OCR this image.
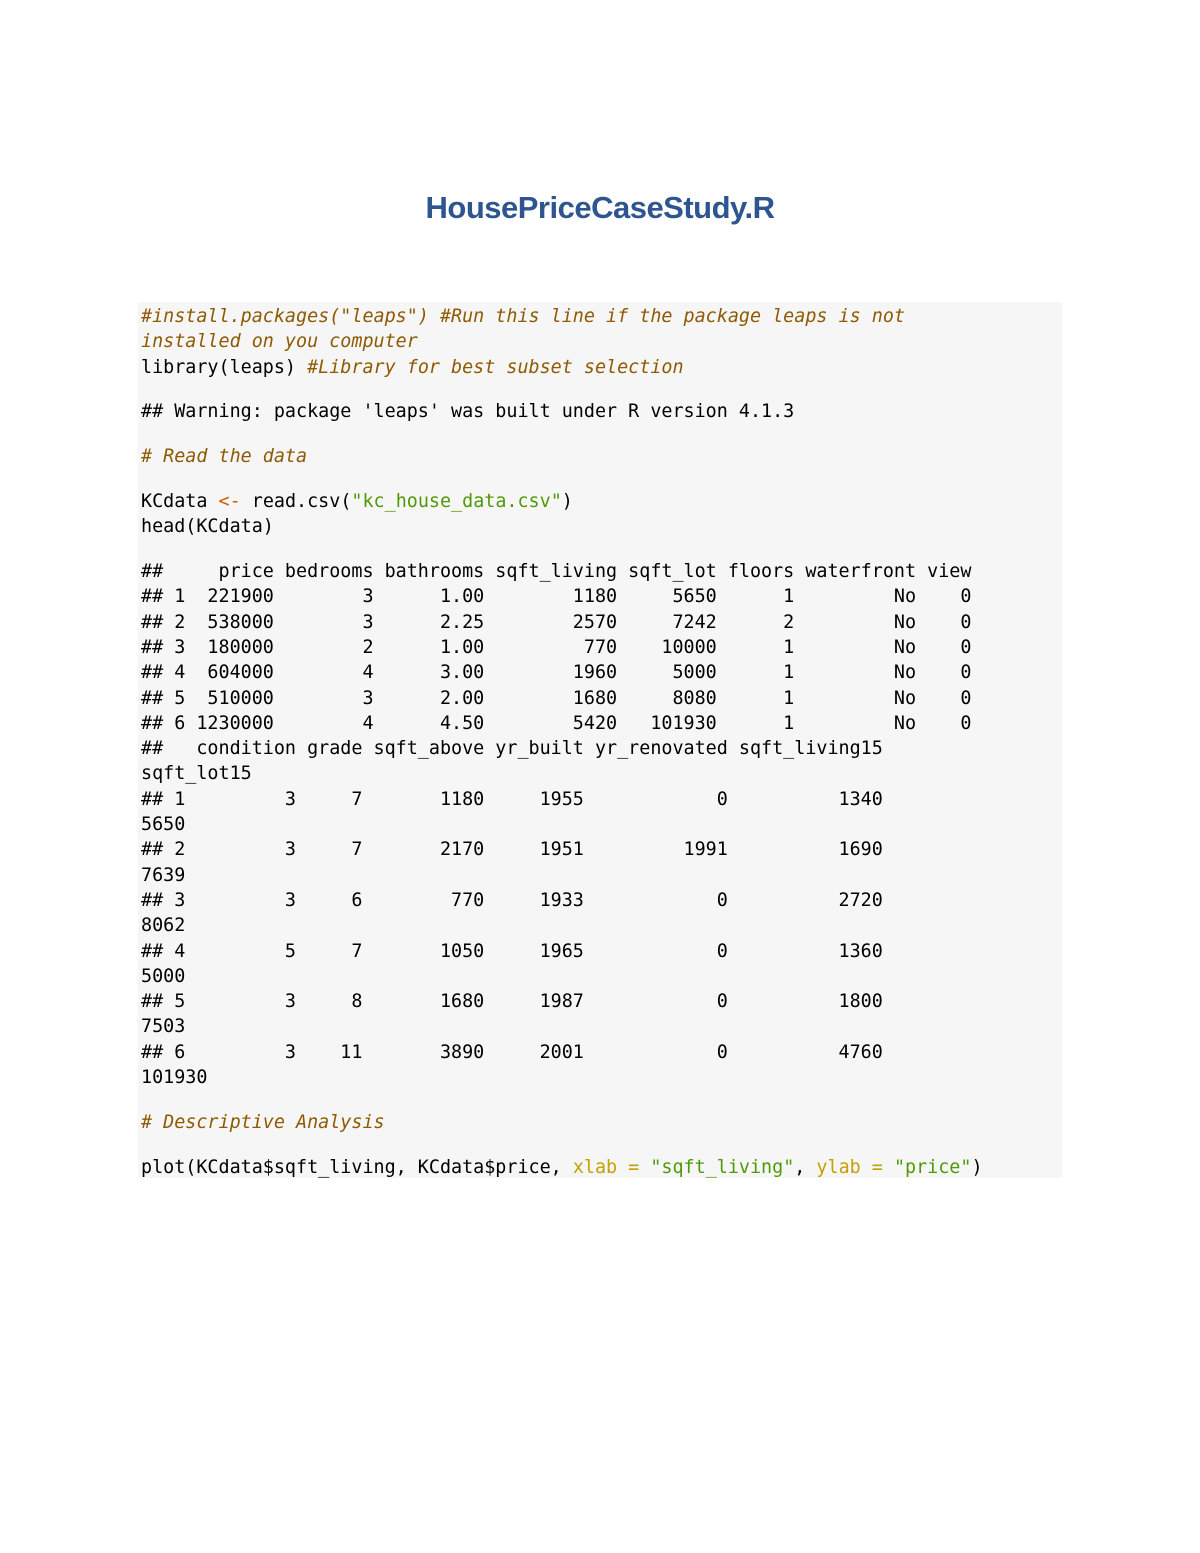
HousePriceCaseStudy.R
#install.packages("leaps") #Run this line if the package leaps is not
installed on you computer
library(leaps) #Library for best subset selection
## Warning: package 'leaps' was built under R version 4.1.3
# Read the data
KCdata <- read.csv("kc_house_data.csv")
head(KCdata)
##     price bedrooms bathrooms sqft_living sqft_lot floors waterfront view
## 1  221900        3      1.00        1180     5650      1         No    0
## 2  538000        3      2.25        2570     7242      2         No    0
## 3  180000        2      1.00         770    10000      1         No    0
## 4  604000        4      3.00        1960     5000      1         No    0
## 5  510000        3      2.00        1680     8080      1         No    0
## 6 1230000        4      4.50        5420   101930      1         No    0
##   condition grade sqft_above yr_built yr_renovated sqft_living15
sqft_lot15
## 1         3     7       1180     1955            0          1340
5650
## 2         3     7       2170     1951         1991          1690
7639
## 3         3     6        770     1933            0          2720
8062
## 4         5     7       1050     1965            0          1360
5000
## 5         3     8       1680     1987            0          1800
7503
## 6         3    11       3890     2001            0          4760
101930
# Descriptive Analysis
plot(KCdata$sqft_living, KCdata$price, xlab = "sqft_living", ylab = "price")
